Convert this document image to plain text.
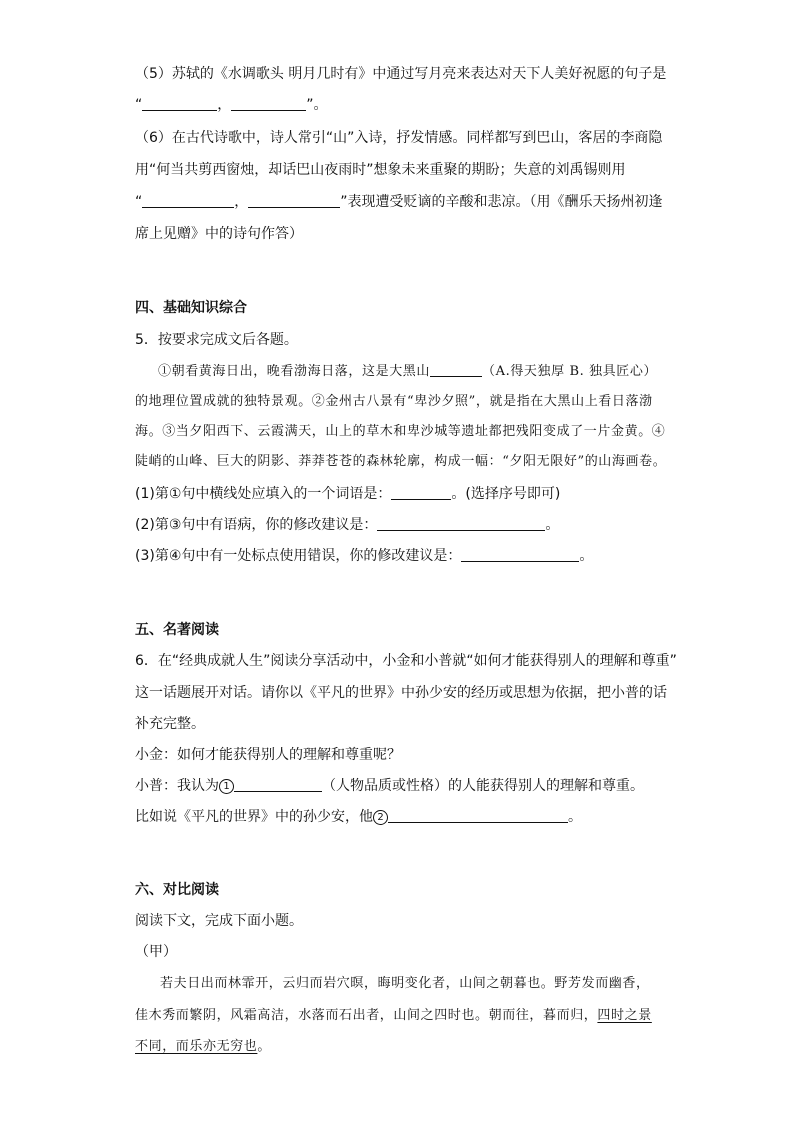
（5）苏轼的《水调歌头 明月几时有》中通过写月亮来表达对天下人美好祝愿的句子是
“	，	”。
（6）在古代诗歌中，诗人常引“山”入诗，抒发情感。同样都写到巴山，客居的李商隐
用“何当共剪西窗烛，却话巴山夜雨时”想象未来重聚的期盼；失意的刘禹锡则用
“	，	”表现遭受贬谪的辛酸和悲凉。（用《酬乐天扬州初逢
席上见赠》中的诗句作答）
四、基础知识综合
5．按要求完成文后各题。
①朝看黄海日出，晚看渤海日落，这是大黑山	（A.得天独厚 B. 独具匠心）
的地理位置成就的独特景观。②金州古八景有“卑沙夕照”，就是指在大黑山上看日落渤
海。③当夕阳西下、云霞满天，山上的草木和卑沙城等遗址都把残阳变成了一片金黄。④
陡峭的山峰、巨大的阴影、莽莽苍苍的森林轮廓，构成一幅：“夕阳无限好”的山海画卷。
(1)第①句中横线处应填入的一个词语是：	。(选择序号即可)
(2)第③句中有语病，你的修改建议是：	。
(3)第④句中有一处标点使用错误，你的修改建议是：	。
五、名著阅读
6．在“经典成就人生”阅读分享活动中，小金和小普就“如何才能获得别人的理解和尊重”
这一话题展开对话。请你以《平凡的世界》中孙少安的经历或思想为依据，把小普的话
补充完整。
小金：如何才能获得别人的理解和尊重呢？
小普：我认为 1	（人物品质或性格）的人能获得别人的理解和尊重。
比如说《平凡的世界》中的孙少安，他 2	。
六、对比阅读
阅读下文，完成下面小题。
（甲）
若夫日出而林霏开，云归而岩穴暝，晦明变化者，山间之朝暮也。野芳发而幽香，
佳木秀而繁阴，风霜高洁，水落而石出者，山间之四时也。朝而往，暮而归，四时之景
不同，而乐亦无穷也。
